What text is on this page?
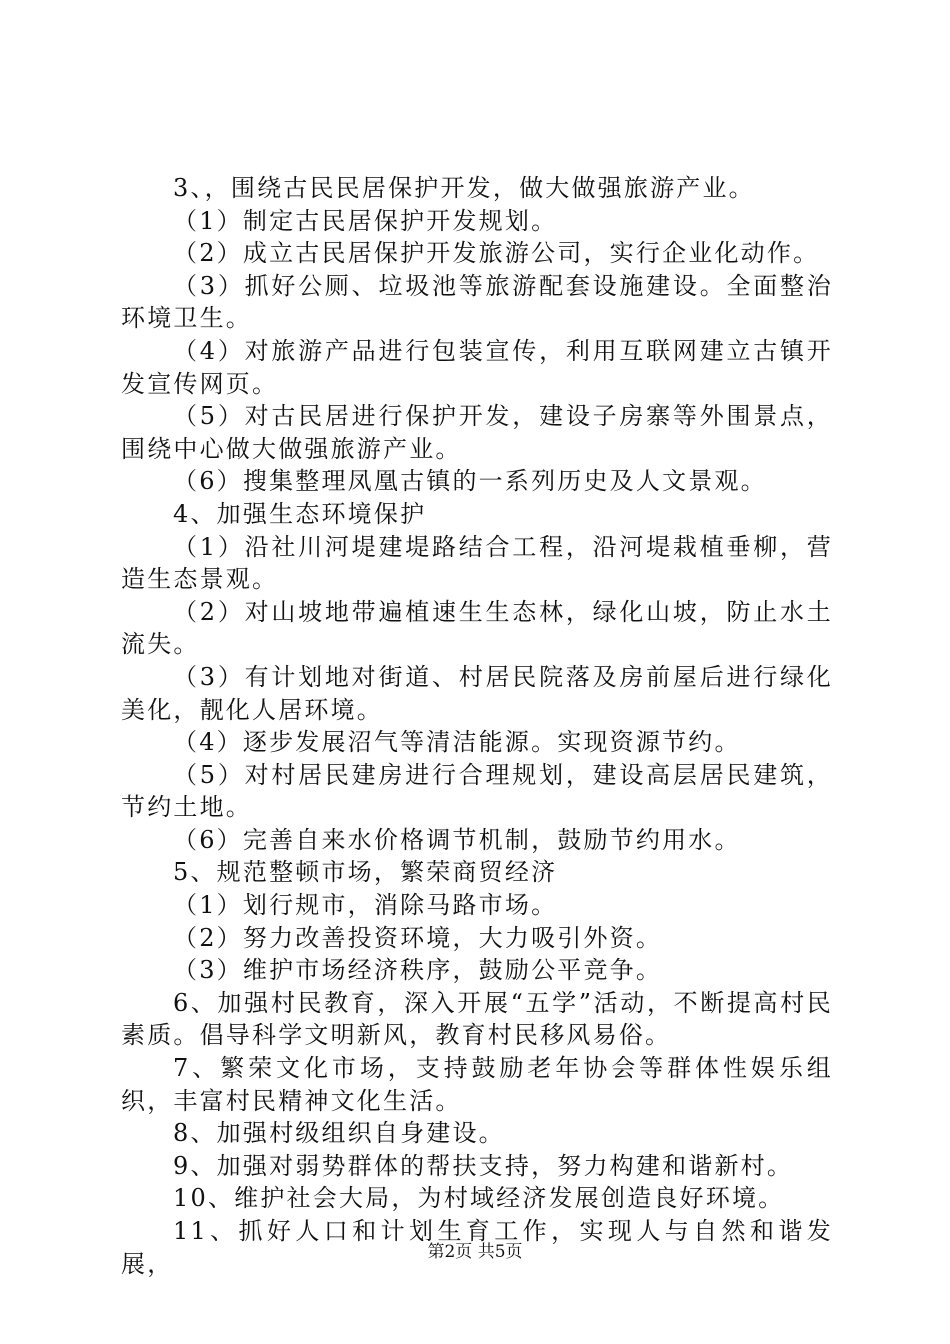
3、，围绕古民民居保护开发，做大做强旅游产业。

（1）制定古民居保护开发规划。

（2）成立古民居保护开发旅游公司，实行企业化动作。

（3）抓好公厕、垃圾池等旅游配套设施建设。全面整治环境卫生。

（4）对旅游产品进行包装宣传，利用互联网建立古镇开发宣传网页。

（5）对古民居进行保护开发，建设子房寨等外围景点，围绕中心做大做强旅游产业。

（6）搜集整理凤凰古镇的一系列历史及人文景观。

4、加强生态环境保护

（1）沿社川河堤建堤路结合工程，沿河堤栽植垂柳，营造生态景观。

（2）对山坡地带遍植速生生态林，绿化山坡，防止水土流失。

（3）有计划地对街道、村居民院落及房前屋后进行绿化美化，靓化人居环境。

（4）逐步发展沼气等清洁能源。实现资源节约。

（5）对村居民建房进行合理规划，建设高层居民建筑，节约土地。

（6）完善自来水价格调节机制，鼓励节约用水。

5、规范整顿市场，繁荣商贸经济

（1）划行规市，消除马路市场。

（2）努力改善投资环境，大力吸引外资。

（3）维护市场经济秩序，鼓励公平竞争。

6、加强村民教育，深入开展“五学”活动，不断提高村民素质。倡导科学文明新风，教育村民移风易俗。

7、繁荣文化市场，支持鼓励老年协会等群体性娱乐组织，丰富村民精神文化生活。

8、加强村级组织自身建设。

9、加强对弱势群体的帮扶支持，努力构建和谐新村。

10、维护社会大局，为村域经济发展创造良好环境。

11、抓好人口和计划生育工作，实现人与自然和谐发展，	第2页 共5页
